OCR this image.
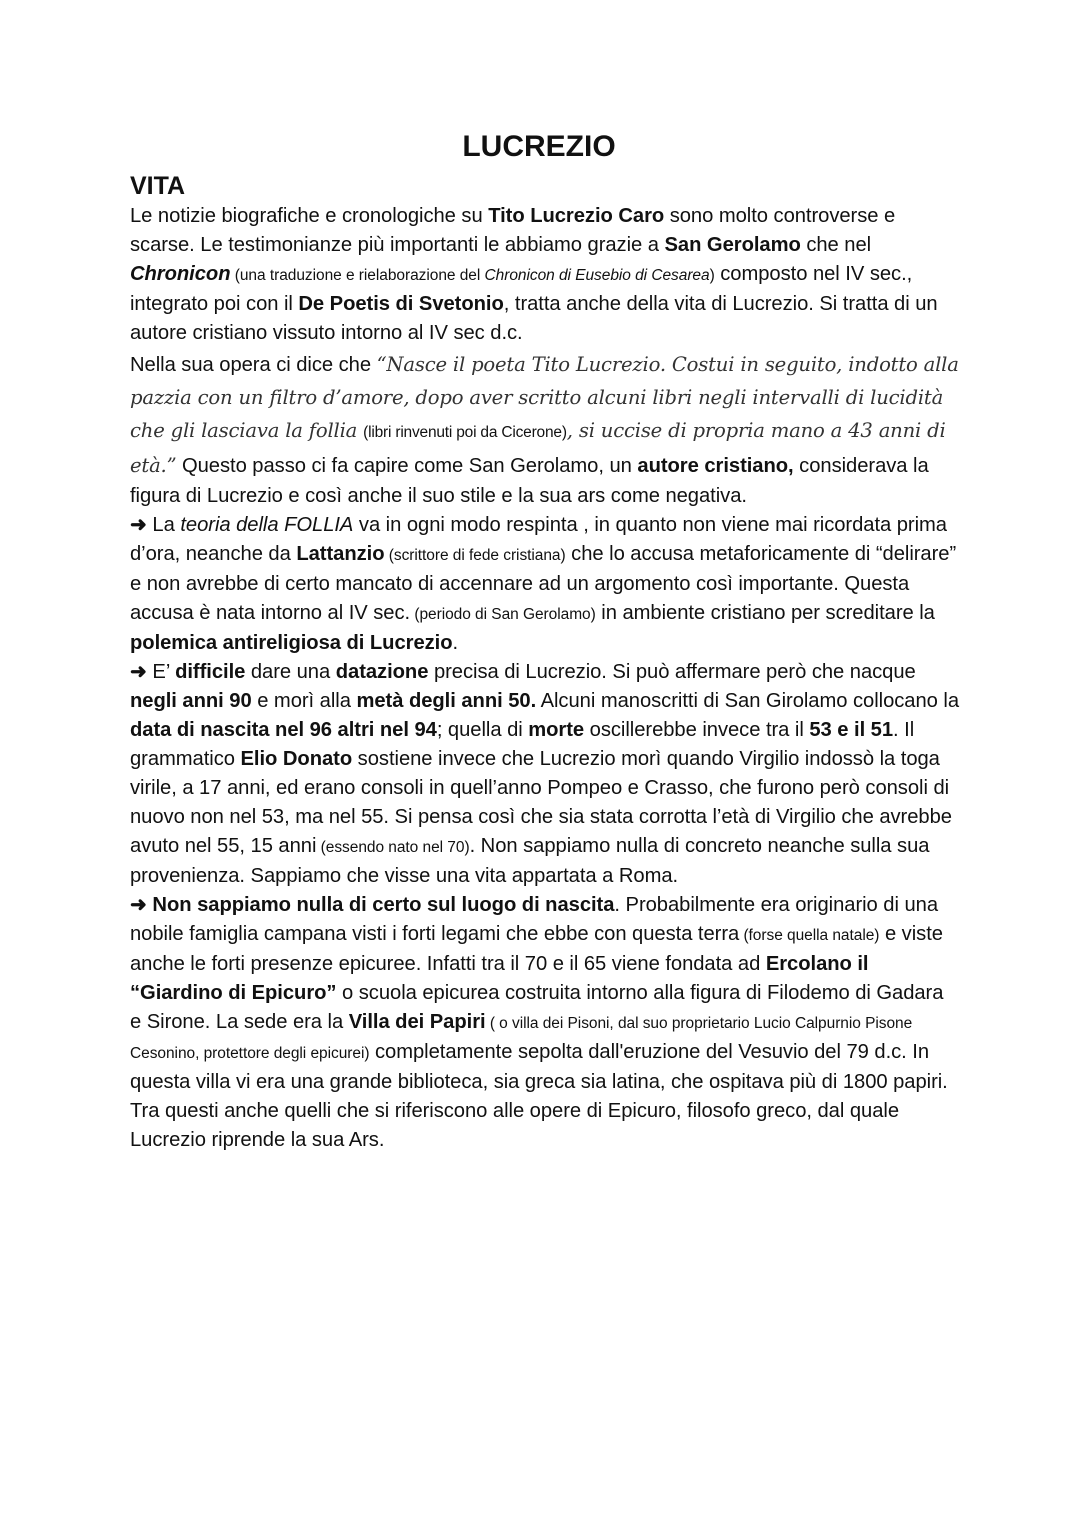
LUCREZIO
VITA

Le notizie biografiche e cronologiche su Tito Lucrezio Caro sono molto controverse e scarse. Le testimonianze più importanti le abbiamo grazie a San Gerolamo che nel Chronicon (una traduzione e rielaborazione del Chronicon di Eusebio di Cesarea) composto nel IV sec., integrato poi con il De Poetis di Svetonio, tratta anche della vita di Lucrezio. Si tratta di un autore cristiano vissuto intorno al IV sec d.c.

Nella sua opera ci dice che “Nasce il poeta Tito Lucrezio. Costui in seguito, indotto alla pazzia con un filtro d’amore, dopo aver scritto alcuni libri negli intervalli di lucidità che gli lasciava la follia (libri rinvenuti poi da Cicerone), si uccise di propria mano a 43 anni di età.” Questo passo ci fa capire come San Gerolamo, un autore cristiano, considerava la figura di Lucrezio e così anche il suo stile e la sua ars come negativa.

➜ La teoria della FOLLIA va in ogni modo respinta , in quanto non viene mai ricordata prima d’ora, neanche da Lattanzio (scrittore di fede cristiana) che lo accusa metaforicamente di “delirare” e non avrebbe di certo mancato di accennare ad un argomento così importante. Questa accusa è nata intorno al IV sec. (periodo di San Gerolamo) in ambiente cristiano per screditare la polemica antireligiosa di Lucrezio.

➜ E’ difficile dare una datazione precisa di Lucrezio. Si può affermare però che nacque negli anni 90 e morì alla metà degli anni 50. Alcuni manoscritti di San Girolamo collocano la data di nascita nel 96 altri nel 94; quella di morte oscillerebbe invece tra il 53 e il 51. Il grammatico Elio Donato sostiene invece che Lucrezio morì quando Virgilio indossò la toga virile, a 17 anni, ed erano consoli in quell’anno Pompeo e Crasso, che furono però consoli di nuovo non nel 53, ma nel 55. Si pensa così che sia stata corrotta l’età di Virgilio che avrebbe avuto nel 55, 15 anni (essendo nato nel 70). Non sappiamo nulla di concreto neanche sulla sua provenienza. Sappiamo che visse una vita appartata a Roma.

➜ Non sappiamo nulla di certo sul luogo di nascita. Probabilmente era originario di una nobile famiglia campana visti i forti legami che ebbe con questa terra (forse quella natale) e viste anche le forti presenze epicuree. Infatti tra il 70 e il 65 viene fondata ad Ercolano il “Giardino di Epicuro” o scuola epicurea costruita intorno alla figura di Filodemo di Gadara e Sirone. La sede era la Villa dei Papiri ( o villa dei Pisoni, dal suo proprietario Lucio Calpurnio Pisone Cesonino, protettore degli epicurei) completamente sepolta dall'eruzione del Vesuvio del 79 d.c. In questa villa vi era una grande biblioteca, sia greca sia latina, che ospitava più di 1800 papiri. Tra questi anche quelli che si riferiscono alle opere di Epicuro, filosofo greco, dal quale Lucrezio riprende la sua Ars.
